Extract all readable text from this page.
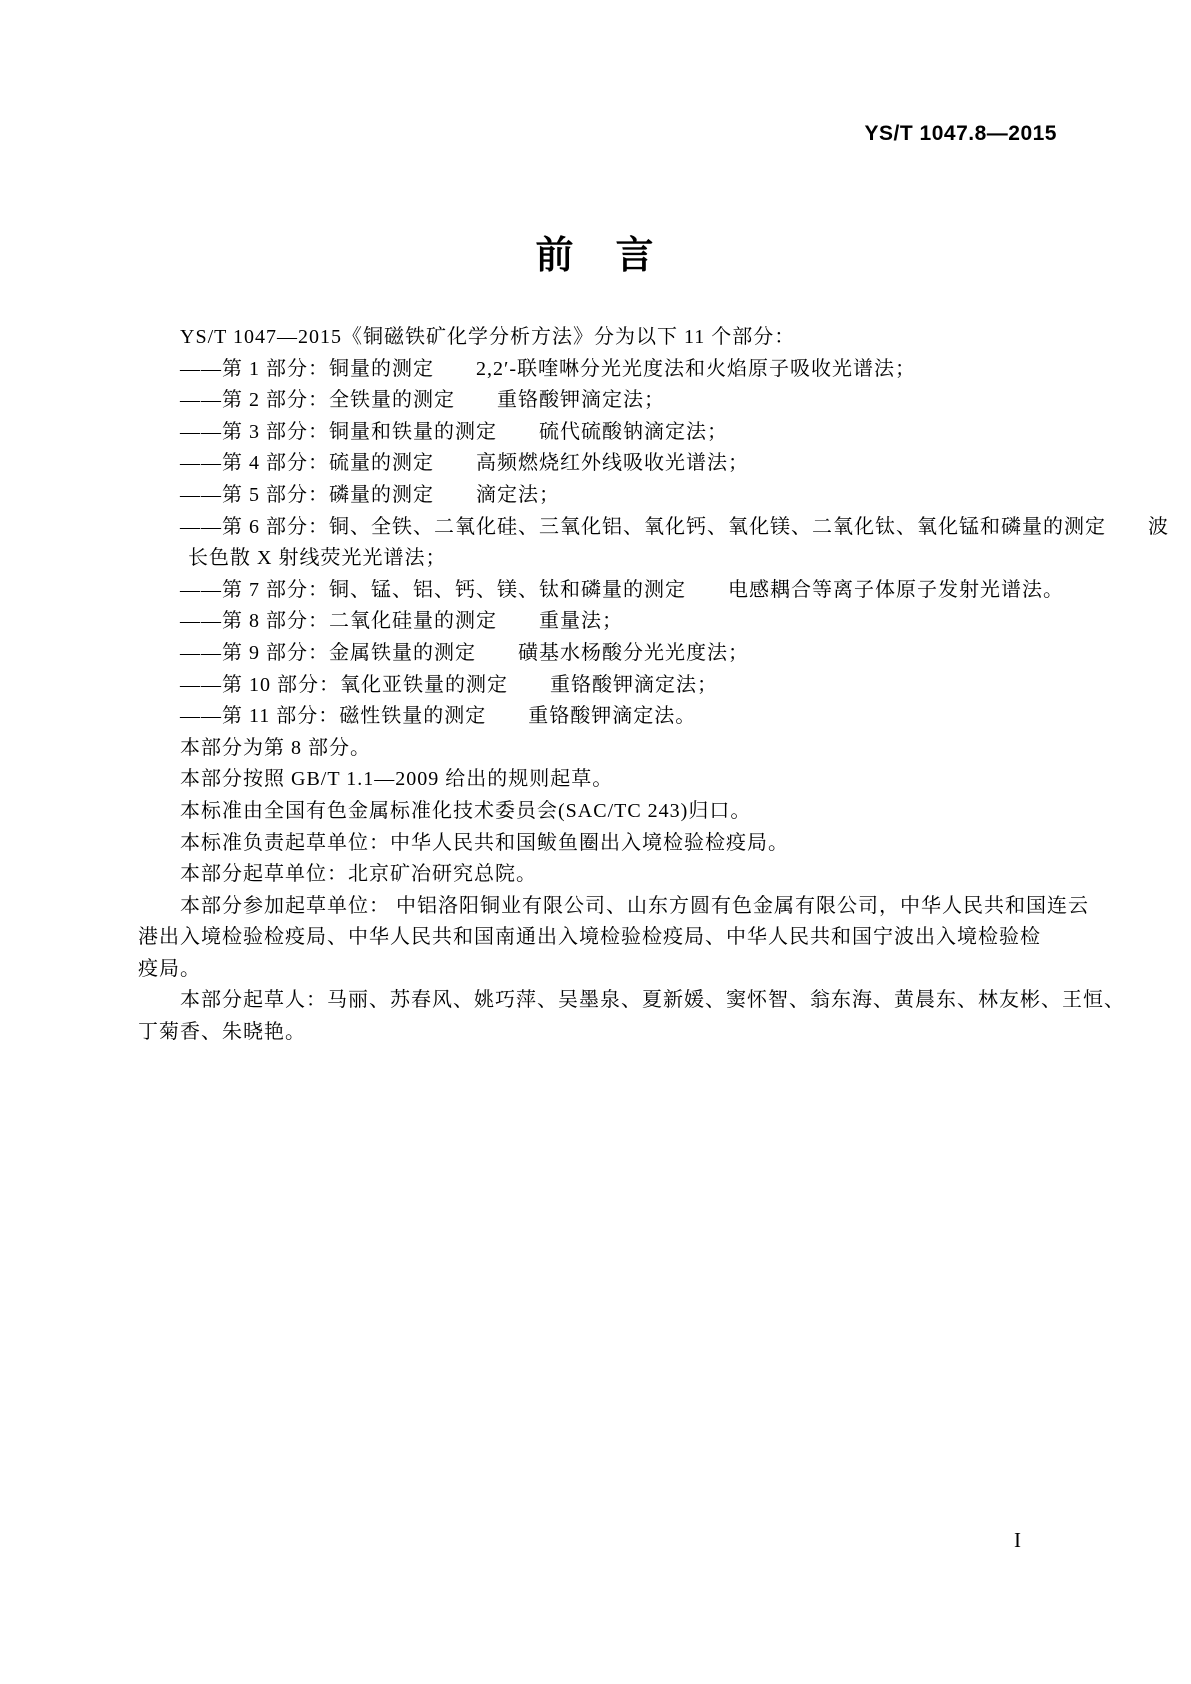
YS/T 1047.8—2015
前　言
YS/T 1047—2015《铜磁铁矿化学分析方法》分为以下 11 个部分：
——第 1 部分：铜量的测定　　2,2′-联喹啉分光光度法和火焰原子吸收光谱法；
——第 2 部分：全铁量的测定　　重铬酸钾滴定法；
——第 3 部分：铜量和铁量的测定　　硫代硫酸钠滴定法；
——第 4 部分：硫量的测定　　高频燃烧红外线吸收光谱法；
——第 5 部分：磷量的测定　　滴定法；
——第 6 部分：铜、全铁、二氧化硅、三氧化铝、氧化钙、氧化镁、二氧化钛、氧化锰和磷量的测定　　波
长色散 X 射线荧光光谱法；
——第 7 部分：铜、锰、铝、钙、镁、钛和磷量的测定　　电感耦合等离子体原子发射光谱法。
——第 8 部分：二氧化硅量的测定　　重量法；
——第 9 部分：金属铁量的测定　　磺基水杨酸分光光度法；
——第 10 部分：氧化亚铁量的测定　　重铬酸钾滴定法；
——第 11 部分：磁性铁量的测定　　重铬酸钾滴定法。
本部分为第 8 部分。
本部分按照 GB/T 1.1—2009 给出的规则起草。
本标准由全国有色金属标准化技术委员会(SAC/TC 243)归口。
本标准负责起草单位：中华人民共和国鲅鱼圈出入境检验检疫局。
本部分起草单位：北京矿冶研究总院。
本部分参加起草单位： 中铝洛阳铜业有限公司、山东方圆有色金属有限公司，中华人民共和国连云
港出入境检验检疫局、中华人民共和国南通出入境检验检疫局、中华人民共和国宁波出入境检验检
疫局。
本部分起草人：马丽、苏春风、姚巧萍、吴墨泉、夏新媛、窦怀智、翁东海、黄晨东、林友彬、王恒、
丁菊香、朱晓艳。
I
